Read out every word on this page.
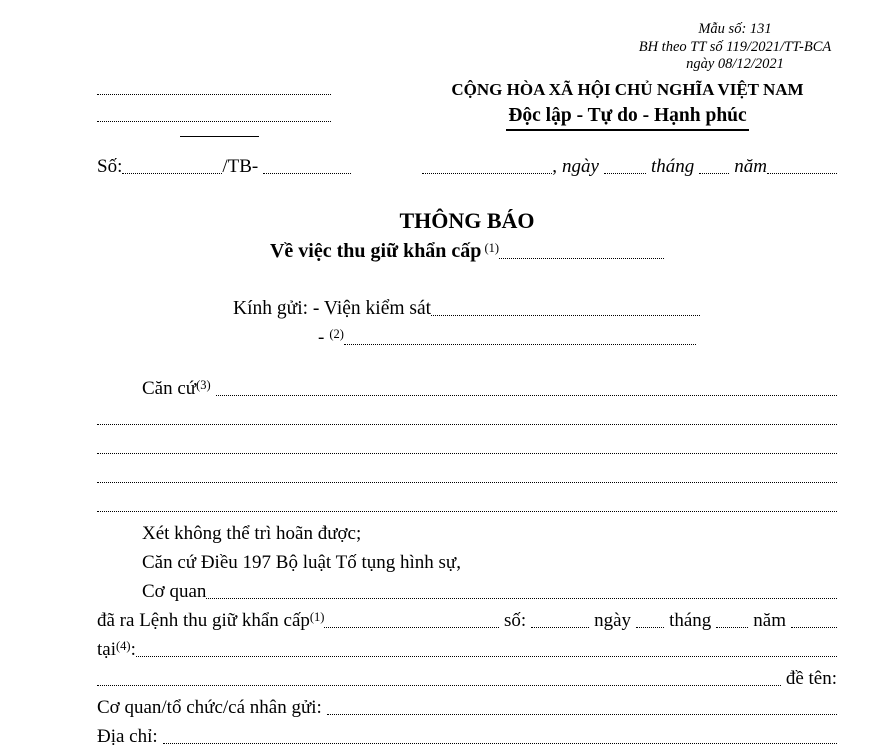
Mẫu số: 131
BH theo TT số 119/2021/TT-BCA
ngày 08/12/2021
CỘNG HÒA XÃ HỘI CHỦ NGHĨA VIỆT NAM
Độc lập - Tự do - Hạnh phúc
Số:	/TB-	, ngày	tháng năm
THÔNG BÁO
Về việc thu giữ khẩn cấp $^{(1)}$
Kính gửi: - Viện kiểm sát
- $^{(2)}$
Căn cứ$^{(3)}$
Xét không thể trì hoãn được;
Căn cứ Điều 197 Bộ luật Tố tụng hình sự,
Cơ quan
đã ra Lệnh thu giữ khẩn cấp$^{(1)}$	số:	ngày tháng năm
tại$^{(4)}$:
đề tên:
Cơ quan/tổ chức/cá nhân gửi:
Địa chỉ:
